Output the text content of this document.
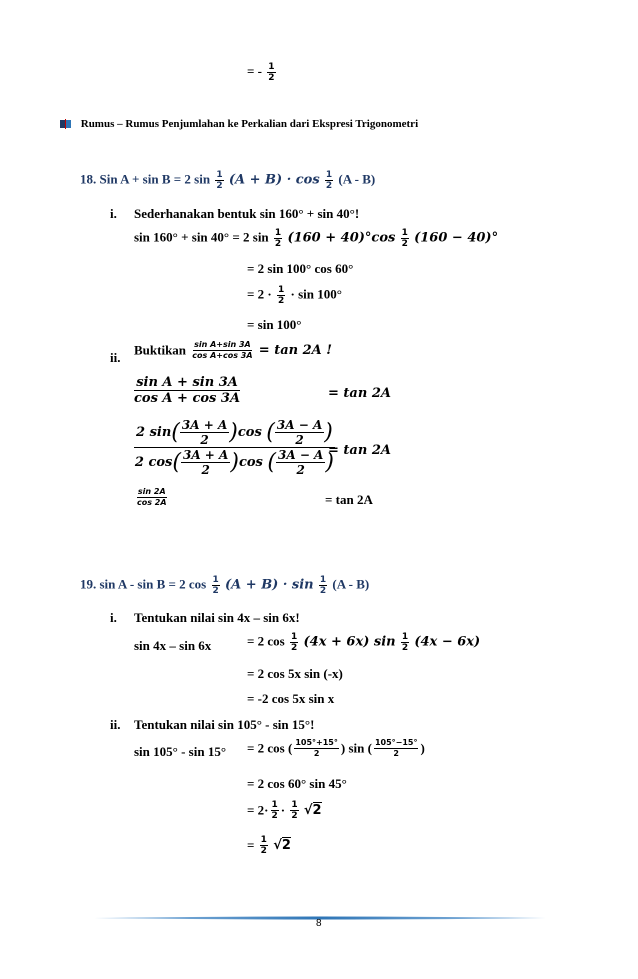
= - $\frac{1}{2}$
Rumus – Rumus Penjumlahan ke Perkalian dari Ekspresi Trigonometri
18. Sin A + sin B = 2 $\sin \frac{1}{2} (A + B) \cdot \cos \frac{1}{2} (A - B)$
i. Sederhanakan bentuk sin 160° + sin 40°!
sin 160° + sin 40° = 2 $\sin \frac{1}{2} (160 + 40)^\circ\cos \frac{1}{2} (160 - 40)^\circ$
= 2 sin 100° cos 60°
= $2 \cdot \frac{1}{2} \cdot \sin 100^\circ$
= sin 100°
ii. Buktikan $\frac{\text{sin A+sin 3A}}{\text{cos A+cos 3A}} = \tan 2A$ !
$\frac{\text{sin A + sin 3A}}{\text{cos A + cos 3A}}$	= tan 2A
2 sin ( $\frac{3A + A}{2}$ ) cos
( $\frac{3A - A}{2}$ )
2 cos ( $\frac{3A + A}{2}$ ) cos
( $\frac{3A - A}{2}$ )
= tan 2A
$\frac{\sin 2A}{\cos 2A}$	= tan 2A
19. sin A - sin B = 2 $\cos \frac{1}{2} (A + B) \cdot \sin \frac{1}{2} (A - B)$
i. Tentukan nilai sin 4x – sin 6x!
sin 4x – sin 6x	= 2 $\cos \frac{1}{2} (4x + 6x)$ $\sin \frac{1}{2} (4x - 6x)$
= 2 cos 5x sin (-x)
= -2 cos 5x sin x
ii. Tentukan nilai sin 105° - sin 15°!
sin 105° - sin 15° = 2 cos ( $\frac{105^\circ+15^\circ}{2}$ ) sin ( $\frac{105^\circ-15^\circ}{2}$ )
= 2 cos 60° sin 45°
= $2\cdot \frac{1}{2} \cdot \frac{1}{2} √2$
= $\frac{1}{2} √2$
8
